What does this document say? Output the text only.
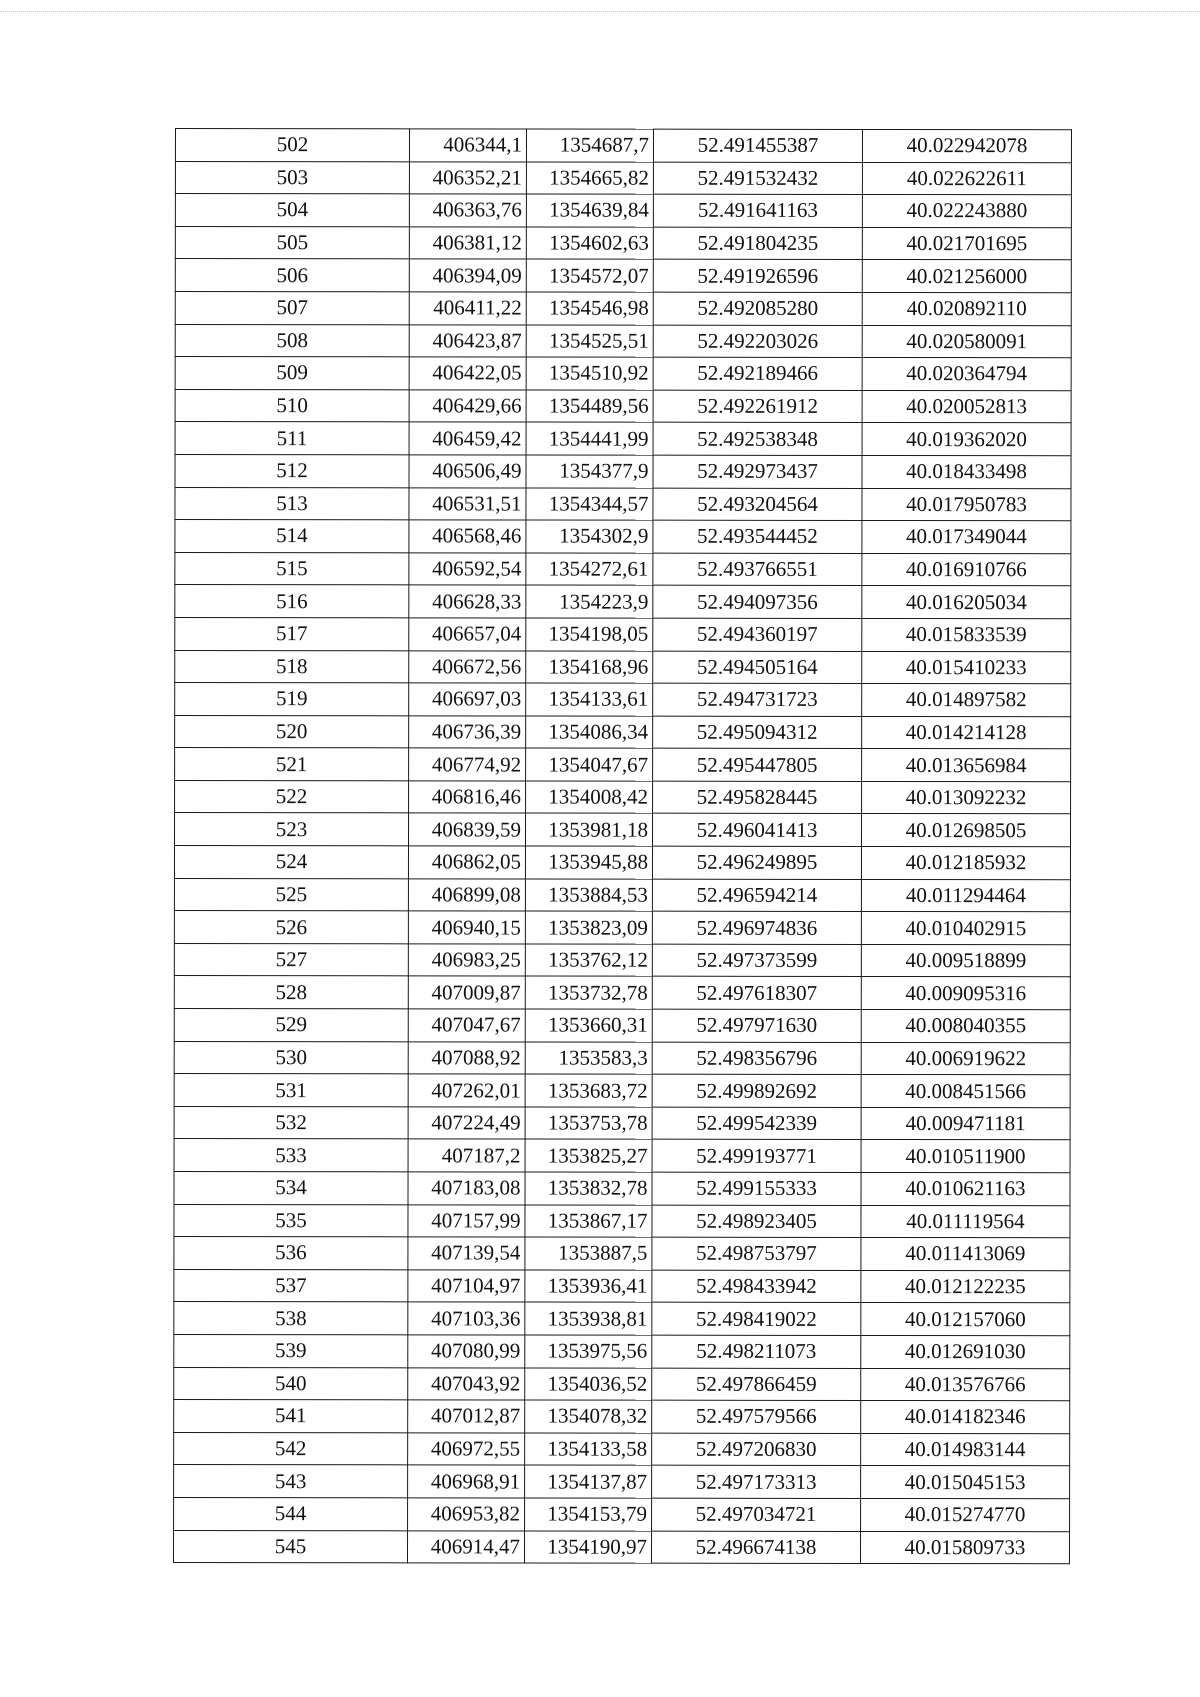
502	406344,1	1354687,7	52.491455387	40.022942078
503	406352,21	1354665,82	52.491532432	40.022622611
504	406363,76	1354639,84	52.491641163	40.022243880
505	406381,12	1354602,63	52.491804235	40.021701695
506	406394,09	1354572,07	52.491926596	40.021256000
507	406411,22	1354546,98	52.492085280	40.020892110
508	406423,87	1354525,51	52.492203026	40.020580091
509	406422,05	1354510,92	52.492189466	40.020364794
510	406429,66	1354489,56	52.492261912	40.020052813
511	406459,42	1354441,99	52.492538348	40.019362020
512	406506,49	1354377,9	52.492973437	40.018433498
513	406531,51	1354344,57	52.493204564	40.017950783
514	406568,46	1354302,9	52.493544452	40.017349044
515	406592,54	1354272,61	52.493766551	40.016910766
516	406628,33	1354223,9	52.494097356	40.016205034
517	406657,04	1354198,05	52.494360197	40.015833539
518	406672,56	1354168,96	52.494505164	40.015410233
519	406697,03	1354133,61	52.494731723	40.014897582
520	406736,39	1354086,34	52.495094312	40.014214128
521	406774,92	1354047,67	52.495447805	40.013656984
522	406816,46	1354008,42	52.495828445	40.013092232
523	406839,59	1353981,18	52.496041413	40.012698505
524	406862,05	1353945,88	52.496249895	40.012185932
525	406899,08	1353884,53	52.496594214	40.011294464
526	406940,15	1353823,09	52.496974836	40.010402915
527	406983,25	1353762,12	52.497373599	40.009518899
528	407009,87	1353732,78	52.497618307	40.009095316
529	407047,67	1353660,31	52.497971630	40.008040355
530	407088,92	1353583,3	52.498356796	40.006919622
531	407262,01	1353683,72	52.499892692	40.008451566
532	407224,49	1353753,78	52.499542339	40.009471181
533	407187,2	1353825,27	52.499193771	40.010511900
534	407183,08	1353832,78	52.499155333	40.010621163
535	407157,99	1353867,17	52.498923405	40.011119564
536	407139,54	1353887,5	52.498753797	40.011413069
537	407104,97	1353936,41	52.498433942	40.012122235
538	407103,36	1353938,81	52.498419022	40.012157060
539	407080,99	1353975,56	52.498211073	40.012691030
540	407043,92	1354036,52	52.497866459	40.013576766
541	407012,87	1354078,32	52.497579566	40.014182346
542	406972,55	1354133,58	52.497206830	40.014983144
543	406968,91	1354137,87	52.497173313	40.015045153
544	406953,82	1354153,79	52.497034721	40.015274770
545	406914,47	1354190,97	52.496674138	40.015809733
